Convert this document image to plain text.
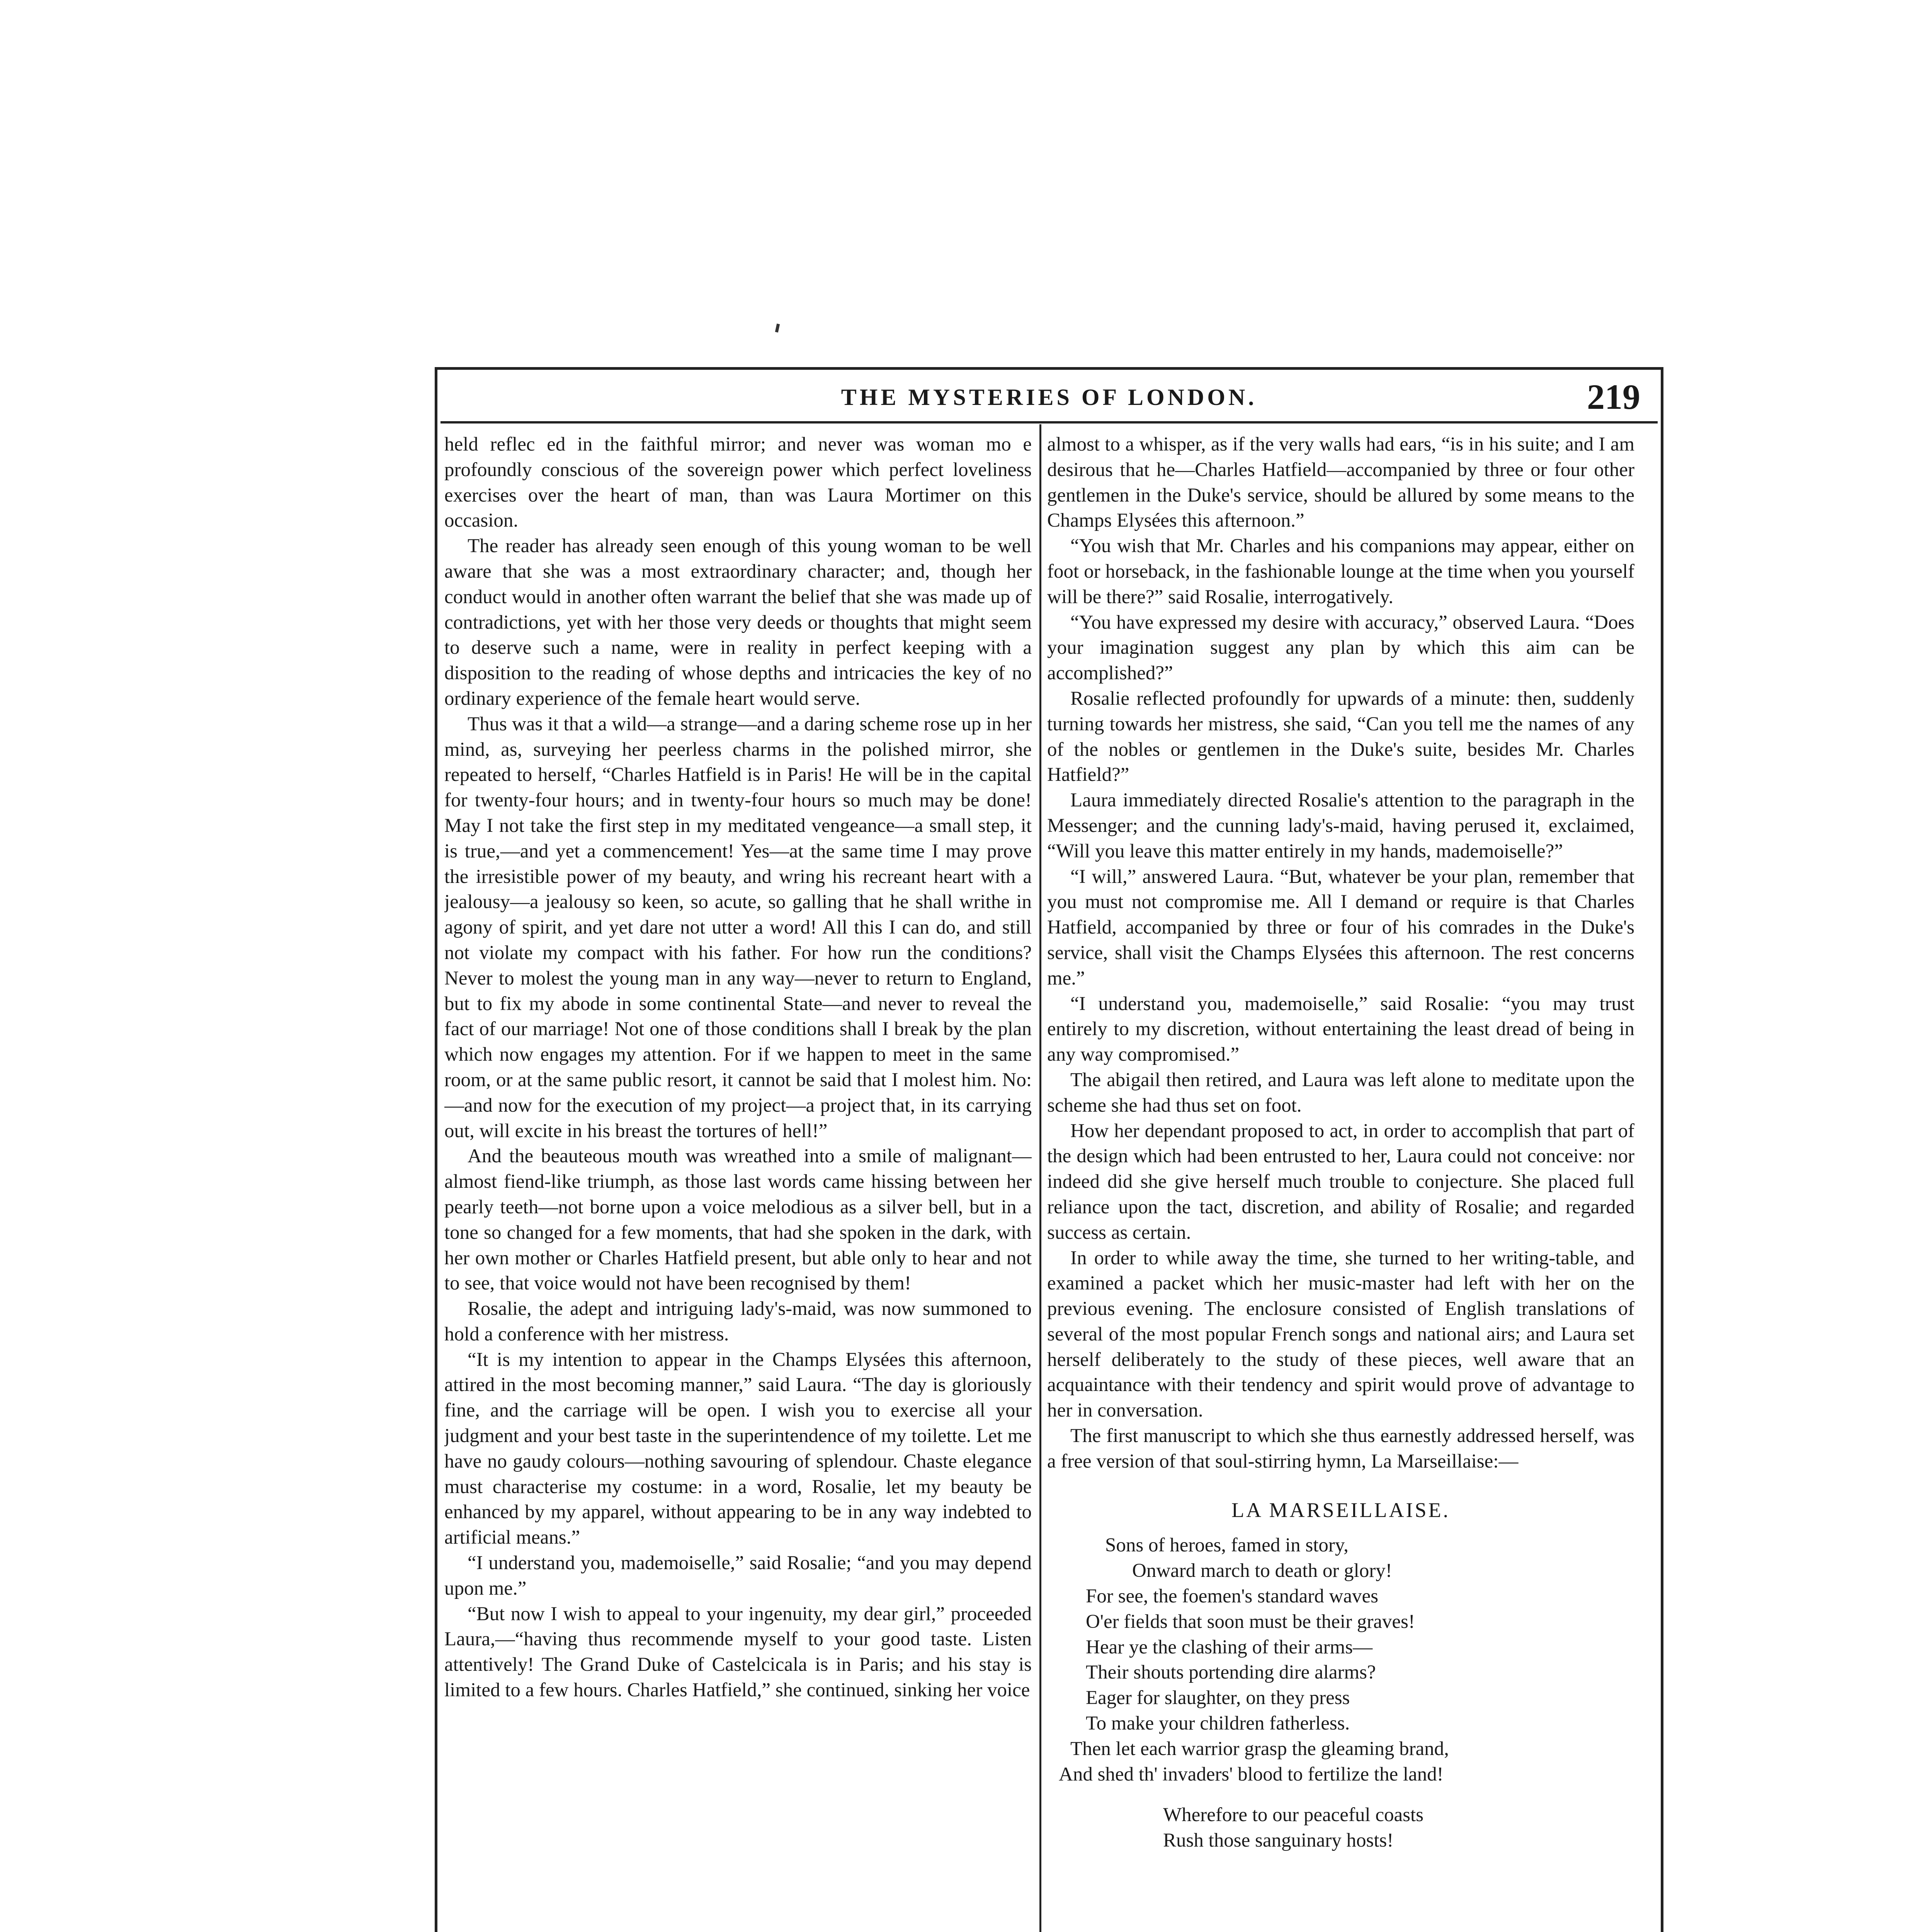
THE MYSTERIES OF LONDON.	219

held reflec ed in the faithful mirror; and never was woman mo e profoundly conscious of the sovereign power which perfect loveliness exercises over the heart of man, than was Laura Mortimer on this occasion.

The reader has already seen enough of this young woman to be well aware that she was a most extraordinary character; and, though her conduct would in another often warrant the belief that she was made up of contradictions, yet with her those very deeds or thoughts that might seem to deserve such a name, were in reality in perfect keeping with a disposition to the reading of whose depths and intricacies the key of no ordinary experience of the female heart would serve.

Thus was it that a wild—a strange—and a daring scheme rose up in her mind, as, surveying her peerless charms in the polished mirror, she repeated to herself, “Charles Hatfield is in Paris! He will be in the capital for twenty-four hours; and in twenty-four hours so much may be done! May I not take the first step in my meditated vengeance—a small step, it is true,—and yet a commencement! Yes—at the same time I may prove the irresistible power of my beauty, and wring his recreant heart with a jealousy—a jealousy so keen, so acute, so galling that he shall writhe in agony of spirit, and yet dare not utter a word! All this I can do, and still not violate my compact with his father. For how run the conditions? Never to molest the young man in any way—never to return to England, but to fix my abode in some continental State—and never to reveal the fact of our marriage! Not one of those conditions shall I break by the plan which now engages my attention. For if we happen to meet in the same room, or at the same public resort, it cannot be said that I molest him. No:—and now for the execution of my project—a project that, in its carrying out, will excite in his breast the tortures of hell!”

And the beauteous mouth was wreathed into a smile of malignant—almost fiend-like triumph, as those last words came hissing between her pearly teeth—not borne upon a voice melodious as a silver bell, but in a tone so changed for a few moments, that had she spoken in the dark, with her own mother or Charles Hatfield present, but able only to hear and not to see, that voice would not have been recognised by them!

Rosalie, the adept and intriguing lady's-maid, was now summoned to hold a conference with her mistress.

“It is my intention to appear in the Champs Elysées this afternoon, attired in the most becoming manner,” said Laura. “The day is gloriously fine, and the carriage will be open. I wish you to exercise all your judgment and your best taste in the superintendence of my toilette. Let me have no gaudy colours—nothing savouring of splendour. Chaste elegance must characterise my costume: in a word, Rosalie, let my beauty be enhanced by my apparel, without appearing to be in any way indebted to artificial means.”

“I understand you, mademoiselle,” said Rosalie; “and you may depend upon me.”

“But now I wish to appeal to your ingenuity, my dear girl,” proceeded Laura,—“having thus recommende myself to your good taste. Listen attentively! The Grand Duke of Castelcicala is in Paris; and his stay is limited to a few hours. Charles Hatfield,” she continued, sinking her voice

almost to a whisper, as if the very walls had ears, “is in his suite; and I am desirous that he—Charles Hatfield—accompanied by three or four other gentlemen in the Duke's service, should be allured by some means to the Champs Elysées this afternoon.”

“You wish that Mr. Charles and his companions may appear, either on foot or horseback, in the fashionable lounge at the time when you yourself will be there?” said Rosalie, interrogatively.

“You have expressed my desire with accuracy,” observed Laura. “Does your imagination suggest any plan by which this aim can be accomplished?”

Rosalie reflected profoundly for upwards of a minute: then, suddenly turning towards her mistress, she said, “Can you tell me the names of any of the nobles or gentlemen in the Duke's suite, besides Mr. Charles Hatfield?”

Laura immediately directed Rosalie's attention to the paragraph in the Messenger; and the cunning lady's-maid, having perused it, exclaimed, “Will you leave this matter entirely in my hands, mademoiselle?”

“I will,” answered Laura. “But, whatever be your plan, remember that you must not compromise me. All I demand or require is that Charles Hatfield, accompanied by three or four of his comrades in the Duke's service, shall visit the Champs Elysées this afternoon. The rest concerns me.”

“I understand you, mademoiselle,” said Rosalie: “you may trust entirely to my discretion, without entertaining the least dread of being in any way compromised.”

The abigail then retired, and Laura was left alone to meditate upon the scheme she had thus set on foot.

How her dependant proposed to act, in order to accomplish that part of the design which had been entrusted to her, Laura could not conceive: nor indeed did she give herself much trouble to conjecture. She placed full reliance upon the tact, discretion, and ability of Rosalie; and regarded success as certain.

In order to while away the time, she turned to her writing-table, and examined a packet which her music-master had left with her on the previous evening. The enclosure consisted of English translations of several of the most popular French songs and national airs; and Laura set herself deliberately to the study of these pieces, well aware that an acquaintance with their tendency and spirit would prove of advantage to her in conversation.

The first manuscript to which she thus earnestly addressed herself, was a free version of that soul-stirring hymn, La Marseillaise:—

LA MARSEILLAISE.

Sons of heroes, famed in story,

Onward march to death or glory!

For see, the foemen's standard waves

O'er fields that soon must be their graves!

Hear ye the clashing of their arms—

Their shouts portending dire alarms?

Eager for slaughter, on they press

To make your children fatherless.

Then let each warrior grasp the gleaming brand,

And shed th' invaders' blood to fertilize the land!

Wherefore to our peaceful coasts

Rush those sanguinary hosts!
